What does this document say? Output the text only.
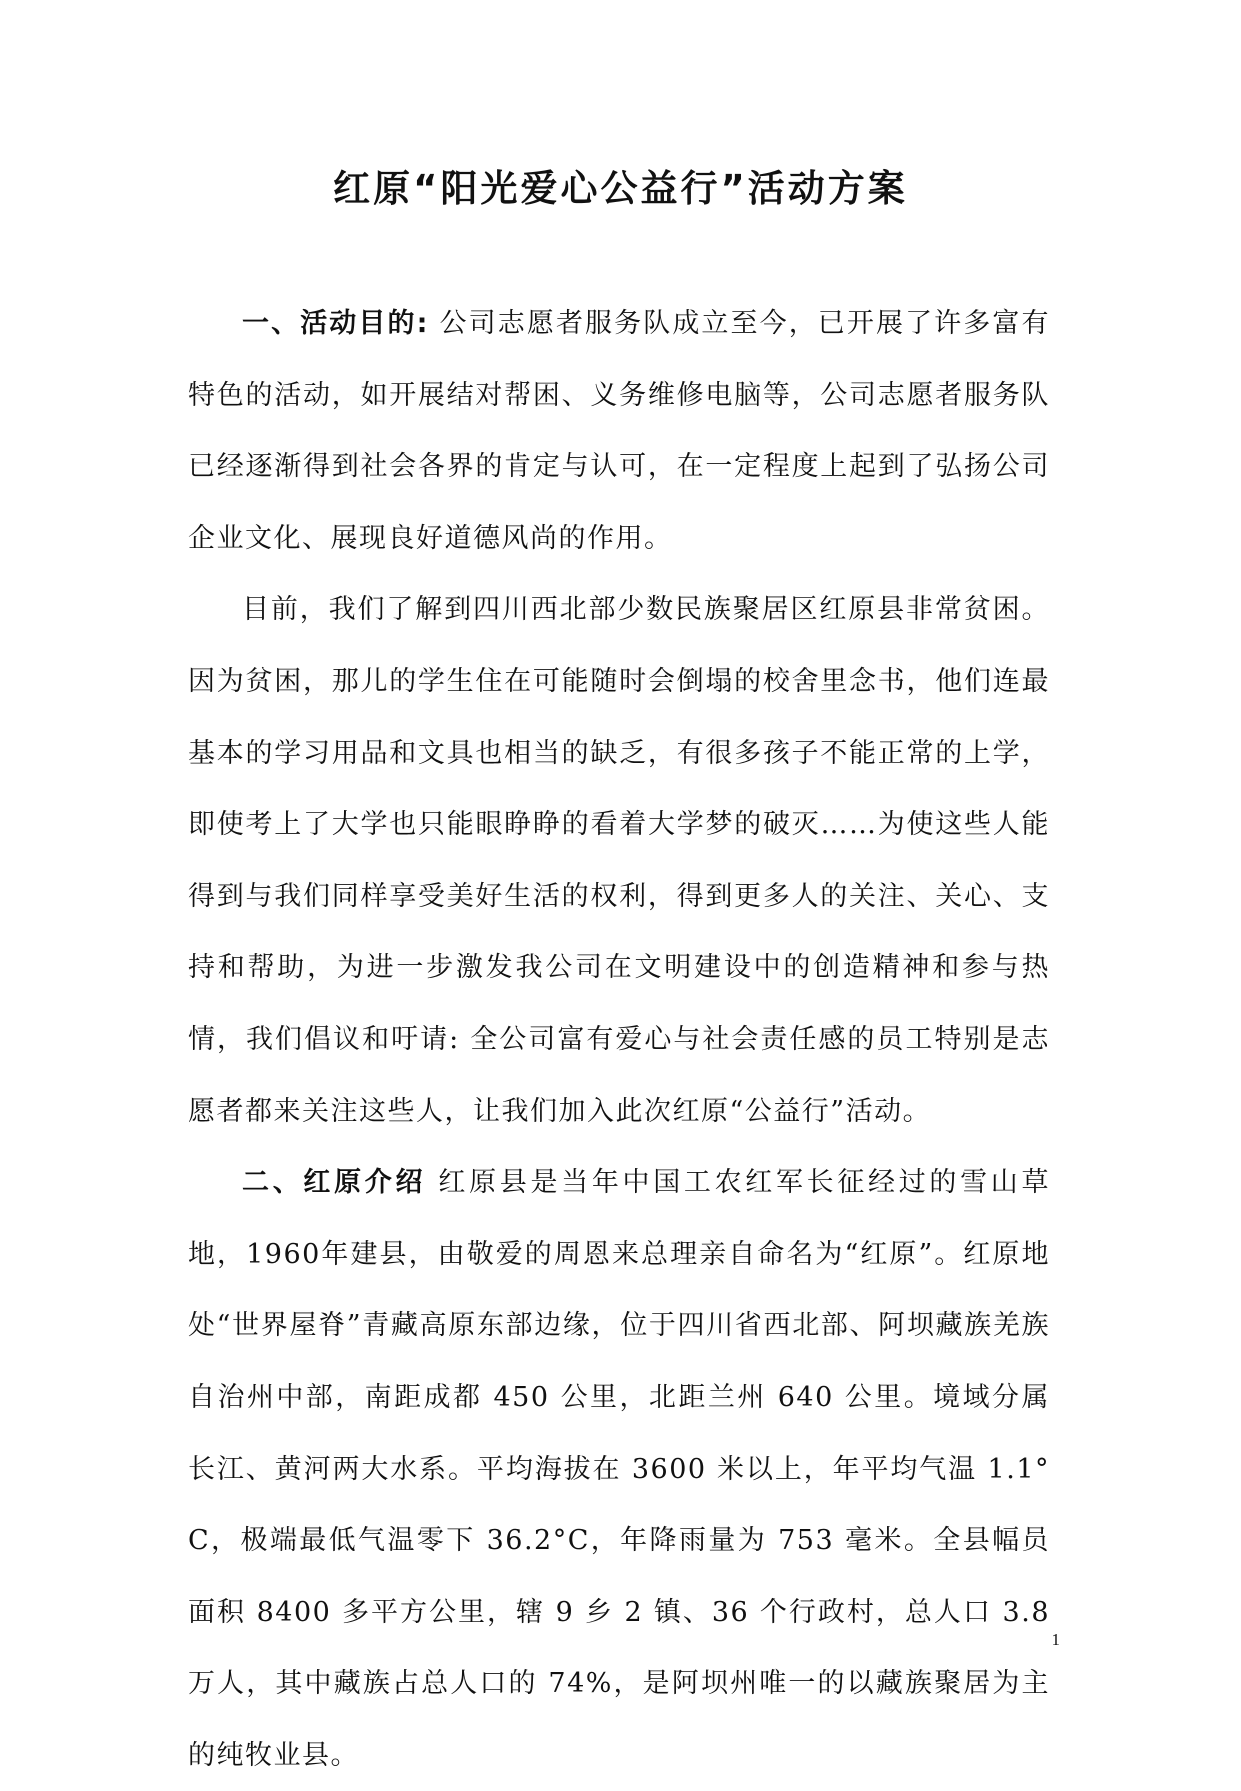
红原“阳光爱心公益行”活动方案

一、活动目的: 公司志愿者服务队成立至今，已开展了许多富有特色的活动，如开展结对帮困、义务维修电脑等，公司志愿者服务队已经逐渐得到社会各界的肯定与认可，在一定程度上起到了弘扬公司企业文化、展现良好道德风尚的作用。

目前，我们了解到四川西北部少数民族聚居区红原县非常贫困。因为贫困，那儿的学生住在可能随时会倒塌的校舍里念书，他们连最基本的学习用品和文具也相当的缺乏，有很多孩子不能正常的上学，即使考上了大学也只能眼睁睁的看着大学梦的破灭……为使这些人能得到与我们同样享受美好生活的权利，得到更多人的关注、关心、支持和帮助，为进一步激发我公司在文明建设中的创造精神和参与热情，我们倡议和吁请: 全公司富有爱心与社会责任感的员工特别是志愿者都来关注这些人，让我们加入此次红原“公益行”活动。

二、红原介绍 红原县是当年中国工农红军长征经过的雪山草地，1960年建县，由敬爱的周恩来总理亲自命名为“红原”。红原地处“世界屋脊”青藏高原东部边缘，位于四川省西北部、阿坝藏族羌族自治州中部，南距成都 450 公里，北距兰州 640 公里。境域分属长江、黄河两大水系。平均海拔在 3600 米以上，年平均气温 1.1°C，极端最低气温零下 36.2°C，年降雨量为 753 毫米。全县幅员面积 8400 多平方公里，辖 9 乡 2 镇、36 个行政村，总人口 3.8 万人，其中藏族占总人口的 74%，是阿坝州唯一的以藏族聚居为主的纯牧业县。

1
